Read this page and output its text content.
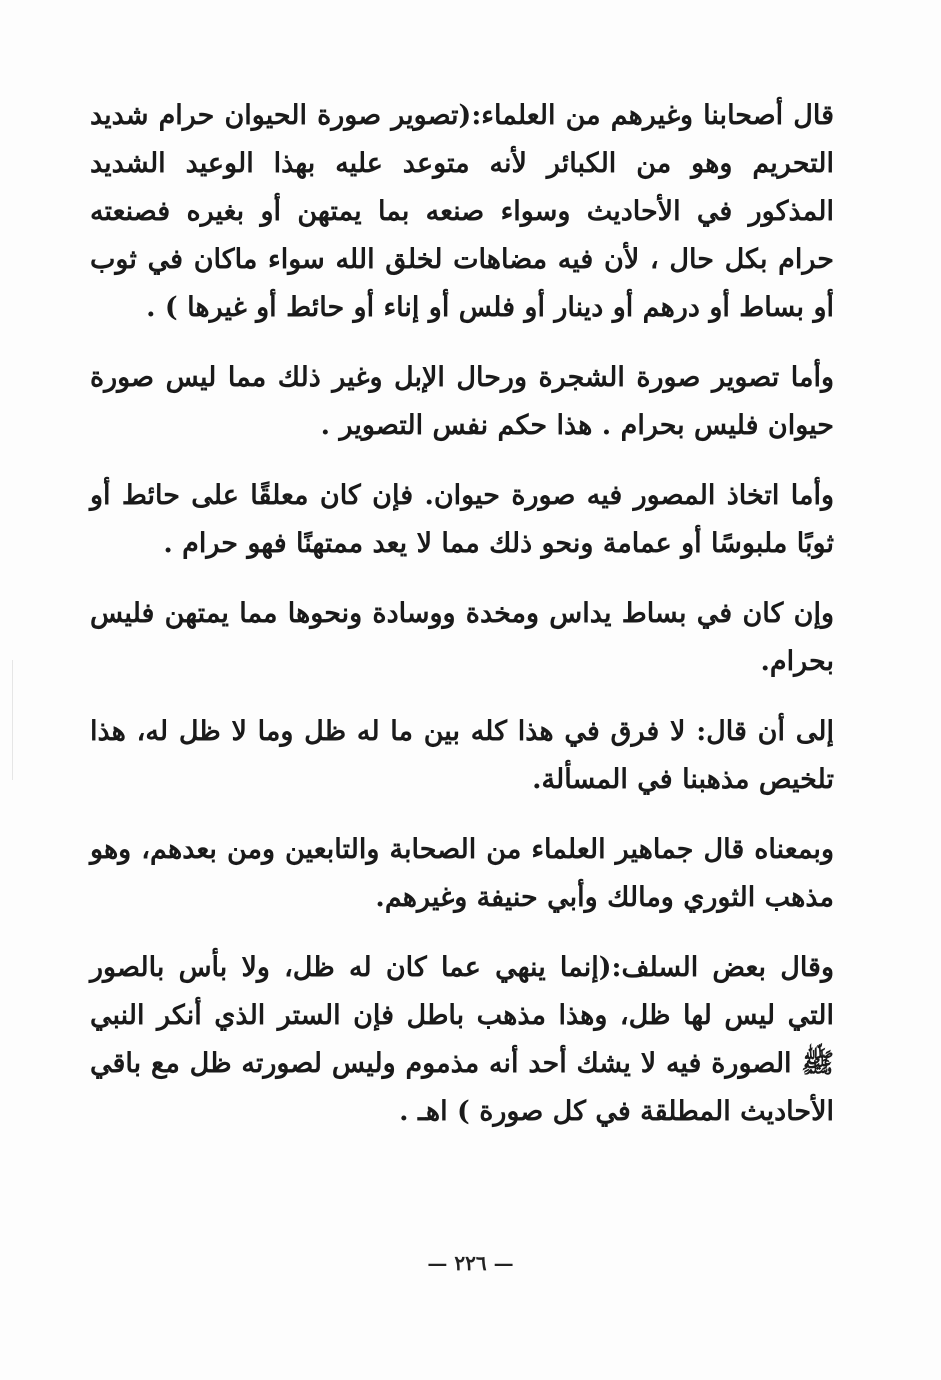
قال أصحابنا وغيرهم من العلماء:(تصوير صورة الحيوان حرام شديد التحريم وهو من الكبائر لأنه متوعد عليه بهذا الوعيد الشديد المذكور في الأحاديث وسواء صنعه بما يمتهن أو بغيره فصنعته حرام بكل حال ، لأن فيه مضاهات لخلق الله سواء ماكان في ثوب أو بساط أو درهم أو دينار أو فلس أو إناء أو حائط أو غيرها ) .

وأما تصوير صورة الشجرة ورحال الإبل وغير ذلك مما ليس صورة حيوان فليس بحرام . هذا حكم نفس التصوير .

وأما اتخاذ المصور فيه صورة حيوان. فإن كان معلقًا على حائط أو ثوبًا ملبوسًا أو عمامة ونحو ذلك مما لا يعد ممتهنًا فهو حرام .

وإن كان في بساط يداس ومخدة ووسادة ونحوها مما يمتهن فليس بحرام.

إلى أن قال: لا فرق في هذا كله بين ما له ظل وما لا ظل له، هذا تلخيص مذهبنا في المسألة.

وبمعناه قال جماهير العلماء من الصحابة والتابعين ومن بعدهم، وهو مذهب الثوري ومالك وأبي حنيفة وغيرهم.

وقال بعض السلف:(إنما ينهي عما كان له ظل، ولا بأس بالصور التي ليس لها ظل، وهذا مذهب باطل فإن الستر الذي أنكر النبي ﷺ الصورة فيه لا يشك أحد أنه مذموم وليس لصورته ظل مع باقي الأحاديث المطلقة في كل صورة ) اهـ .

— ٢٢٦ —
